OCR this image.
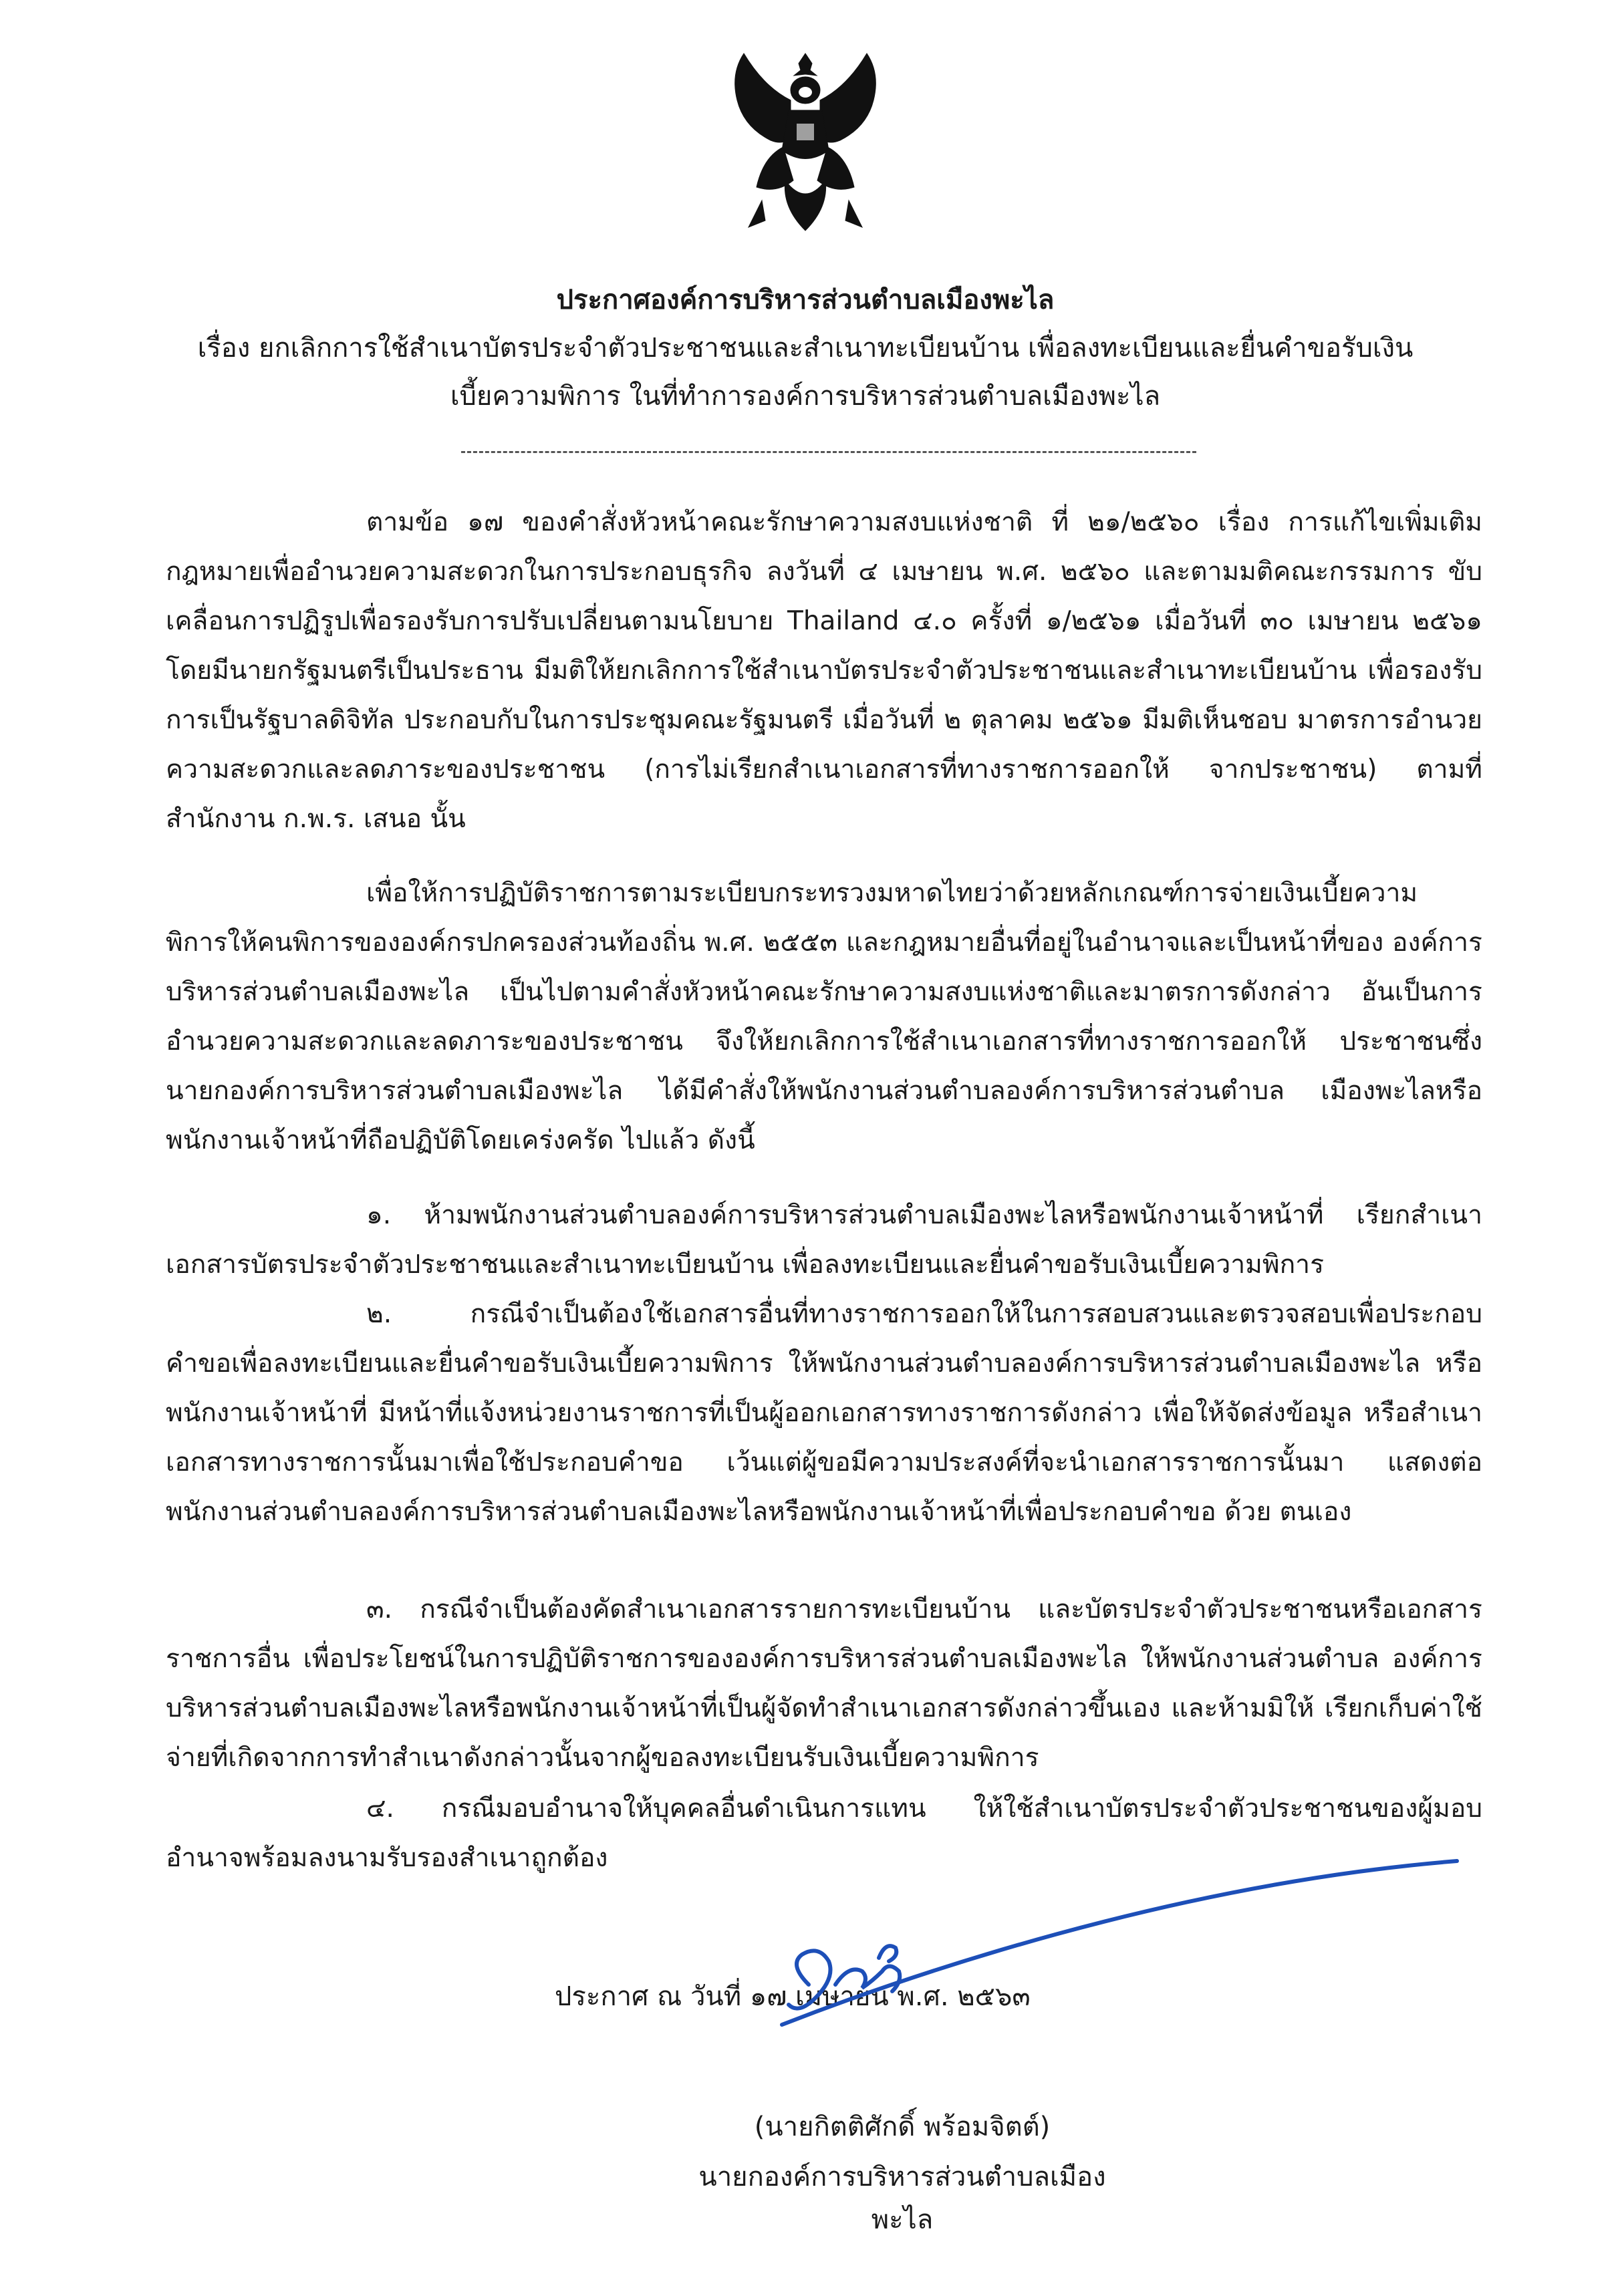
ประกาศองค์การบริหารส่วนตำบลเมืองพะไล
เรื่อง ยกเลิกการใช้สำเนาบัตรประจำตัวประชาชนและสำเนาทะเบียนบ้าน เพื่อลงทะเบียนและยื่นคำขอรับเงิน
เบี้ยความพิการ ในที่ทำการองค์การบริหารส่วนตำบลเมืองพะไล

ตามข้อ ๑๗ ของคำสั่งหัวหน้าคณะรักษาความสงบแห่งชาติ ที่ ๒๑/๒๕๖๐ เรื่อง การแก้ไขเพิ่มเติม กฎหมายเพื่ออำนวยความสะดวกในการประกอบธุรกิจ ลงวันที่ ๔ เมษายน พ.ศ. ๒๕๖๐ และตามมติคณะกรรมการ ขับเคลื่อนการปฏิรูปเพื่อรองรับการปรับเปลี่ยนตามนโยบาย Thailand ๔.๐ ครั้งที่ ๑/๒๕๖๑ เมื่อวันที่ ๓๐ เมษายน ๒๕๖๑ โดยมีนายกรัฐมนตรีเป็นประธาน มีมติให้ยกเลิกการใช้สำเนาบัตรประจำตัวประชาชนและสำเนาทะเบียนบ้าน เพื่อรองรับการเป็นรัฐบาลดิจิทัล ประกอบกับในการประชุมคณะรัฐมนตรี เมื่อวันที่ ๒ ตุลาคม ๒๕๖๑ มีมติเห็นชอบ มาตรการอำนวยความสะดวกและลดภาระของประชาชน (การไม่เรียกสำเนาเอกสารที่ทางราชการออกให้ จากประชาชน) ตามที่สำนักงาน ก.พ.ร. เสนอ นั้น

เพื่อให้การปฏิบัติราชการตามระเบียบกระทรวงมหาดไทยว่าด้วยหลักเกณฑ์การจ่ายเงินเบี้ยความ พิการให้คนพิการขององค์กรปกครองส่วนท้องถิ่น พ.ศ. ๒๕๕๓ และกฎหมายอื่นที่อยู่ในอำนาจและเป็นหน้าที่ของ องค์การบริหารส่วนตำบลเมืองพะไล เป็นไปตามคำสั่งหัวหน้าคณะรักษาความสงบแห่งชาติและมาตรการดังกล่าว อันเป็นการอำนวยความสะดวกและลดภาระของประชาชน จึงให้ยกเลิกการใช้สำเนาเอกสารที่ทางราชการออกให้ ประชาชนซึ่งนายกองค์การบริหารส่วนตำบลเมืองพะไล ได้มีคำสั่งให้พนักงานส่วนตำบลองค์การบริหารส่วนตำบล เมืองพะไลหรือพนักงานเจ้าหน้าที่ถือปฏิบัติโดยเคร่งครัด ไปแล้ว ดังนี้

๑. ห้ามพนักงานส่วนตำบลองค์การบริหารส่วนตำบลเมืองพะไลหรือพนักงานเจ้าหน้าที่ เรียกสำเนา เอกสารบัตรประจำตัวประชาชนและสำเนาทะเบียนบ้าน เพื่อลงทะเบียนและยื่นคำขอรับเงินเบี้ยความพิการ

๒. กรณีจำเป็นต้องใช้เอกสารอื่นที่ทางราชการออกให้ในการสอบสวนและตรวจสอบเพื่อประกอบ คำขอเพื่อลงทะเบียนและยื่นคำขอรับเงินเบี้ยความพิการ ให้พนักงานส่วนตำบลองค์การบริหารส่วนตำบลเมืองพะไล หรือพนักงานเจ้าหน้าที่ มีหน้าที่แจ้งหน่วยงานราชการที่เป็นผู้ออกเอกสารทางราชการดังกล่าว เพื่อให้จัดส่งข้อมูล หรือสำเนาเอกสารทางราชการนั้นมาเพื่อใช้ประกอบคำขอ เว้นแต่ผู้ขอมีความประสงค์ที่จะนำเอกสารราชการนั้นมา แสดงต่อพนักงานส่วนตำบลองค์การบริหารส่วนตำบลเมืองพะไลหรือพนักงานเจ้าหน้าที่เพื่อประกอบคำขอ ด้วย ตนเอง

๓. กรณีจำเป็นต้องคัดสำเนาเอกสารรายการทะเบียนบ้าน และบัตรประจำตัวประชาชนหรือเอกสาร ราชการอื่น เพื่อประโยชน์ในการปฏิบัติราชการขององค์การบริหารส่วนตำบลเมืองพะไล ให้พนักงานส่วนตำบล องค์การบริหารส่วนตำบลเมืองพะไลหรือพนักงานเจ้าหน้าที่เป็นผู้จัดทำสำเนาเอกสารดังกล่าวขึ้นเอง และห้ามมิให้ เรียกเก็บค่าใช้จ่ายที่เกิดจากการทำสำเนาดังกล่าวนั้นจากผู้ขอลงทะเบียนรับเงินเบี้ยความพิการ

๔. กรณีมอบอำนาจให้บุคคลอื่นดำเนินการแทน ให้ใช้สำเนาบัตรประจำตัวประชาชนของผู้มอบ อำนาจพร้อมลงนามรับรองสำเนาถูกต้อง

ประกาศ ณ วันที่ ๑๗ เมษายน พ.ศ. ๒๕๖๓
(นายกิตติศักดิ์ พร้อมจิตต์)
นายกองค์การบริหารส่วนตำบลเมืองพะไล
